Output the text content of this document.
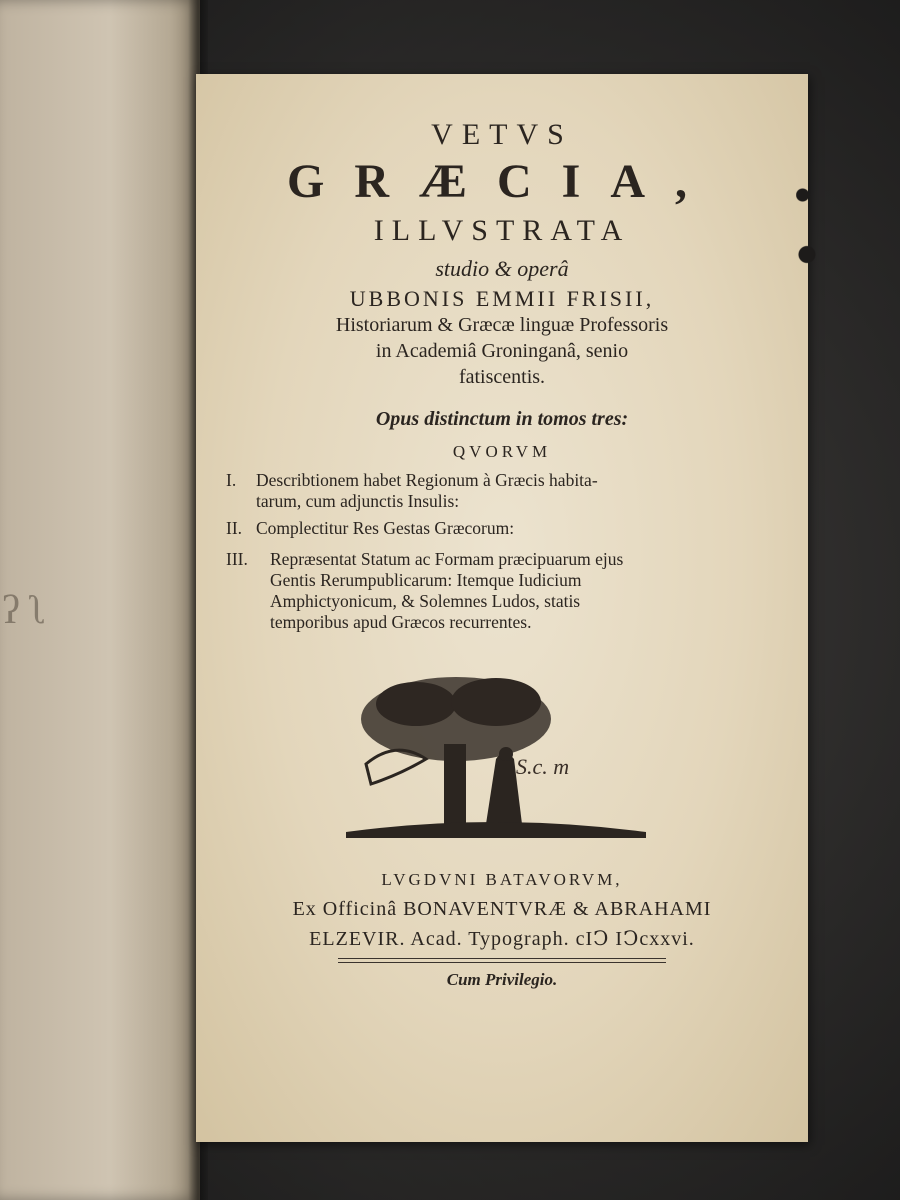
ʔ ʅ
VETVS
GRÆCIA,
ILLVSTRATA
studio & operâ
UBBONIS EMMII FRISII,
Historiarum & Græcæ linguæ Professoris
in Academiâ Groninganâ, senio
fatiscentis.
Opus distinctum in tomos tres:
QVORVM
I. Describtionem habet Regionum à Græcis habita-
tarum, cum adjunctis Insulis:
II. Complectitur Res Gestas Græcorum:
III. Repræsentat Statum ac Formam præcipuarum ejus
Gentis Rerumpublicarum: Itemque Iudicium
Amphictyonicum, & Solemnes Ludos, statis
temporibus apud Græcos recurrentes.
S.c. m
LVGDVNI BATAVORVM,
Ex Officinâ BONAVENTVRÆ & ABRAHAMI
ELZEVIR. Acad. Typograph. cIↃ IↃcxxvi.
Cum Privilegio.
